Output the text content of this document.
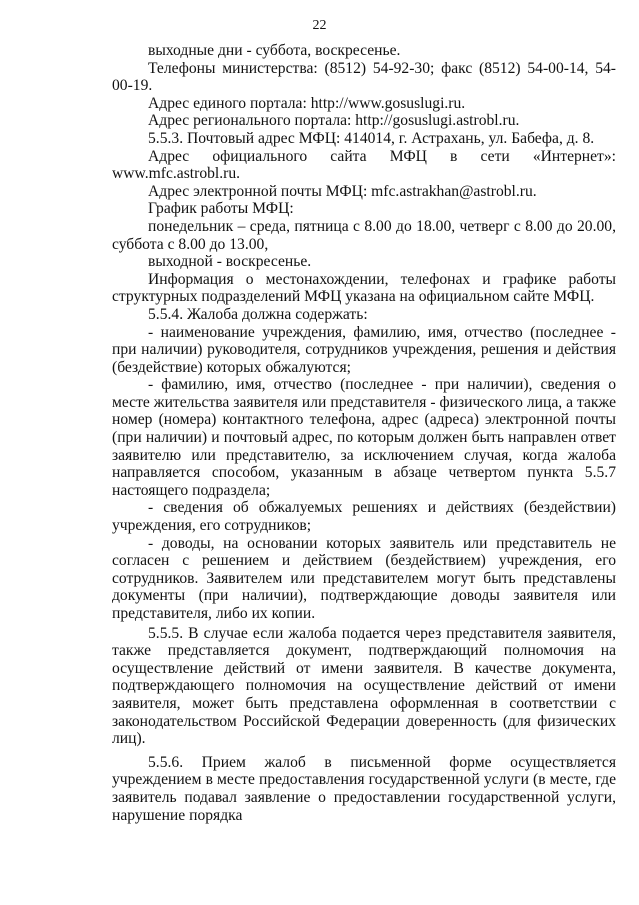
22

выходные дни - суббота, воскресенье.

Телефоны министерства: (8512) 54-92-30; факс (8512) 54-00-14, 54-00-19.

Адрес единого портала: http://www.gosuslugi.ru.

Адрес регионального портала: http://gosuslugi.astrobl.ru.

5.5.3. Почтовый адрес МФЦ: 414014, г. Астрахань, ул. Бабефа, д. 8.

Адрес официального сайта МФЦ в сети «Интернет»: www.mfc.astrobl.ru.

Адрес электронной почты МФЦ: mfc.astrakhan@astrobl.ru.

График работы МФЦ:

понедельник – среда, пятница с 8.00 до 18.00, четверг с 8.00 до 20.00, суббота с 8.00 до 13.00,

выходной - воскресенье.

Информация о местонахождении, телефонах и графике работы структурных подразделений МФЦ указана на официальном сайте МФЦ.

5.5.4. Жалоба должна содержать:

- наименование учреждения, фамилию, имя, отчество (последнее - при наличии) руководителя, сотрудников учреждения, решения и действия (бездействие) которых обжалуются;

- фамилию, имя, отчество (последнее - при наличии), сведения о месте жительства заявителя или представителя - физического лица, а также номер (номера) контактного телефона, адрес (адреса) электронной почты (при наличии) и почтовый адрес, по которым должен быть направлен ответ заявителю или представителю, за исключением случая, когда жалоба направляется способом, указанным в абзаце четвертом пункта 5.5.7 настоящего подраздела;

- сведения об обжалуемых решениях и действиях (бездействии) учреждения, его сотрудников;

- доводы, на основании которых заявитель или представитель не согласен с решением и действием (бездействием) учреждения, его сотрудников. Заявителем или представителем могут быть представлены документы (при наличии), подтверждающие доводы заявителя или представителя, либо их копии.

5.5.5. В случае если жалоба подается через представителя заявителя, также представляется документ, подтверждающий полномочия на осуществление действий от имени заявителя. В качестве документа, подтверждающего полномочия на осуществление действий от имени заявителя, может быть представлена оформленная в соответствии с законодательством Российской Федерации доверенность (для физических лиц).

5.5.6. Прием жалоб в письменной форме осуществляется учреждением в месте предоставления государственной услуги (в месте, где заявитель подавал заявление о предоставлении государственной услуги, нарушение порядка
